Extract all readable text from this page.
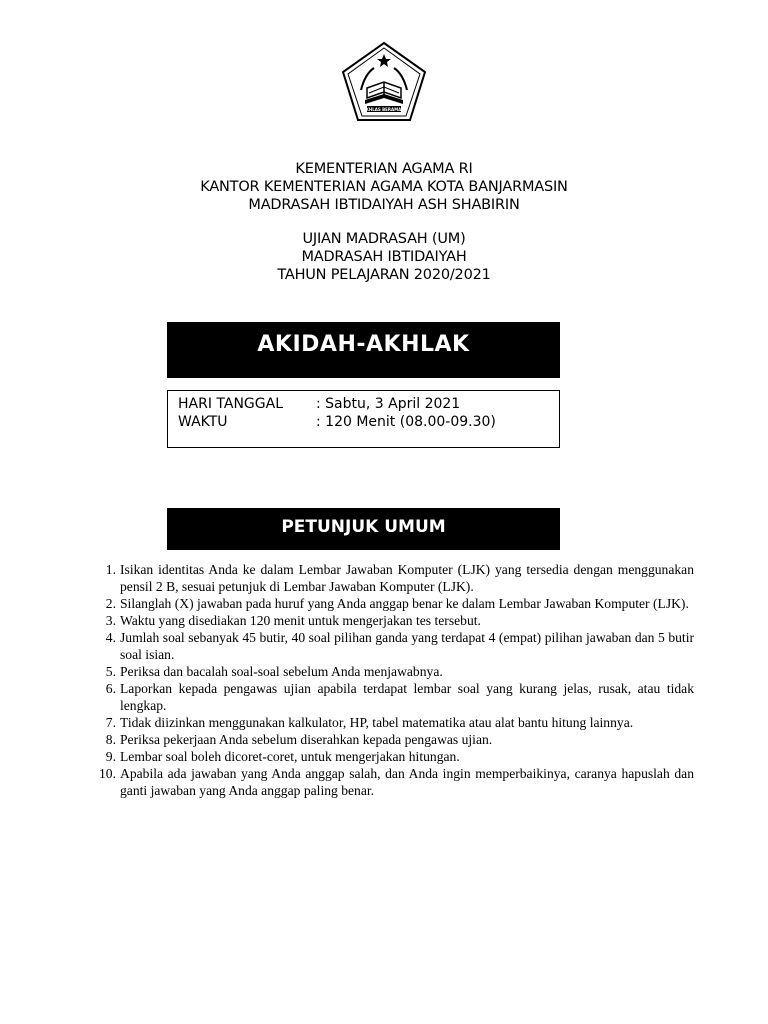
IKHLAS BERAMAL
KEMENTERIAN AGAMA RI
KANTOR KEMENTERIAN AGAMA KOTA BANJARMASIN
MADRASAH IBTIDAIYAH ASH SHABIRIN
UJIAN MADRASAH (UM)
MADRASAH IBTIDAIYAH
TAHUN PELAJARAN 2020/2021
AKIDAH-AKHLAK
HARI TANGGAL : Sabtu, 3 April 2021
WAKTU	: 120 Menit (08.00-09.30)
PETUNJUK UMUM
1. Isikan identitas Anda ke dalam Lembar Jawaban Komputer (LJK) yang tersedia dengan menggunakan pensil 2 B, sesuai petunjuk di Lembar Jawaban Komputer (LJK).
2. Silanglah (X) jawaban pada huruf yang Anda anggap benar ke dalam Lembar Jawaban Komputer (LJK).
3. Waktu yang disediakan 120 menit untuk mengerjakan tes tersebut.
4. Jumlah soal sebanyak 45 butir, 40 soal pilihan ganda yang terdapat 4 (empat) pilihan jawaban dan 5 butir soal isian.
5. Periksa dan bacalah soal-soal sebelum Anda menjawabnya.
6. Laporkan kepada pengawas ujian apabila terdapat lembar soal yang kurang jelas, rusak, atau tidak lengkap.
7. Tidak diizinkan menggunakan kalkulator, HP, tabel matematika atau alat bantu hitung lainnya.
8. Periksa pekerjaan Anda sebelum diserahkan kepada pengawas ujian.
9. Lembar soal boleh dicoret-coret, untuk mengerjakan hitungan.
10. Apabila ada jawaban yang Anda anggap salah, dan Anda ingin memperbaikinya, caranya hapuslah dan ganti jawaban yang Anda anggap paling benar.
